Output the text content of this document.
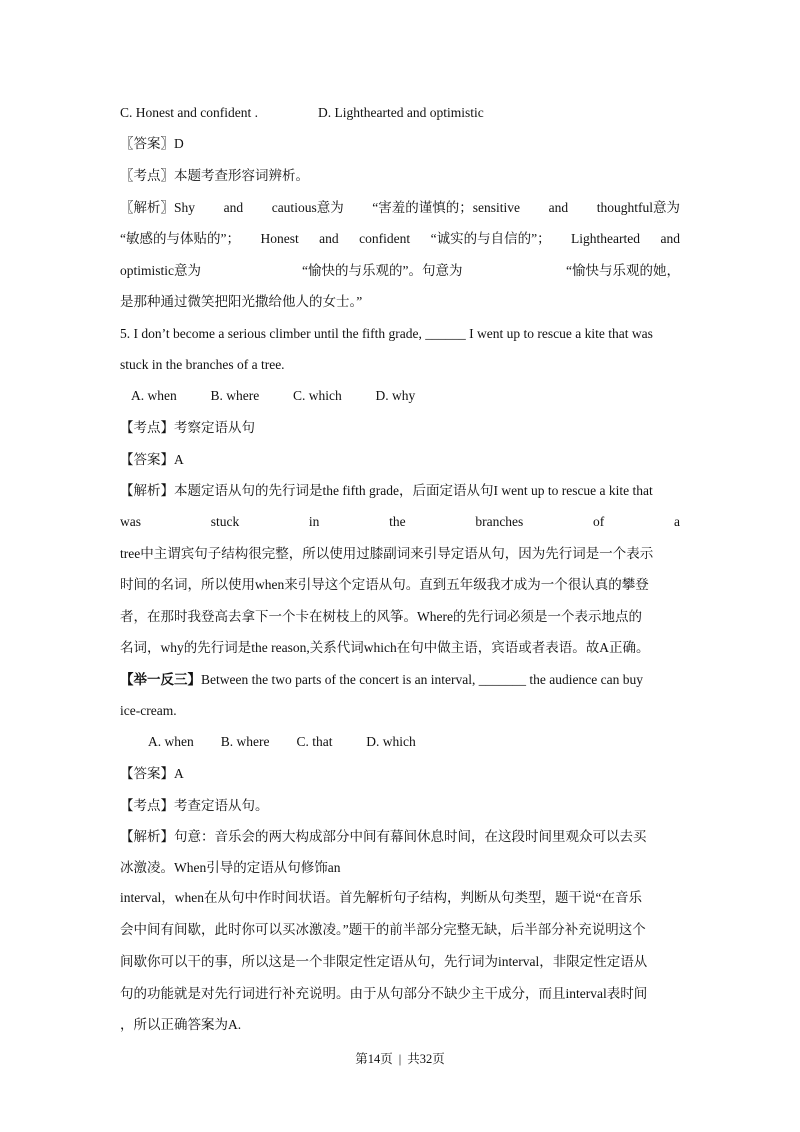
C. Honest and confident .	D. Lighthearted and optimistic
〖答案〗D
〖考点〗本题考查形容词辨析。
〖解析〗Shy and cautious意为 “害羞的谨慎的；sensitive and thoughtful意为
“敏感的与体贴的”； Honest and confident “诚实的与自信的”； Lighthearted and
optimistic意为	“愉快的与乐观的”。句意为	“愉快与乐观的她，
是那种通过微笑把阳光撒给他人的女士。”
5. I don’t become a serious climber until the fifth grade, ______ I went up to rescue a kite that was
stuck in the branches of a tree.
A. when          B. where          C. which          D. why
【考点】考察定语从句
【答案】A
【解析】本题定语从句的先行词是the fifth grade，后面定语从句I went up to rescue a kite that
was	stuck	in	the	branches	of	a
tree中主谓宾句子结构很完整，所以使用过膝副词来引导定语从句，因为先行词是一个表示
时间的名词，所以使用when来引导这个定语从句。直到五年级我才成为一个很认真的攀登
者，在那时我登高去拿下一个卡在树枝上的风筝。Where的先行词必须是一个表示地点的
名词，why的先行词是the reason,关系代词which在句中做主语，宾语或者表语。故A正确。
【举一反三】Between the two parts of the concert is an interval, _______ the audience can buy
ice-cream.
A. when        B. where        C. that          D. which
【答案】A
【考点】考查定语从句。
【解析】句意：音乐会的两大构成部分中间有幕间休息时间，在这段时间里观众可以去买
冰激凌。When引导的定语从句修饰an
interval，when在从句中作时间状语。首先解析句子结构，判断从句类型，题干说“在音乐
会中间有间歇，此时你可以买冰激凌。”题干的前半部分完整无缺，后半部分补充说明这个
间歇你可以干的事，所以这是一个非限定性定语从句，先行词为interval，非限定性定语从
句的功能就是对先行词进行补充说明。由于从句部分不缺少主干成分，而且interval表时间
，所以正确答案为A.
第14页 | 共32页
